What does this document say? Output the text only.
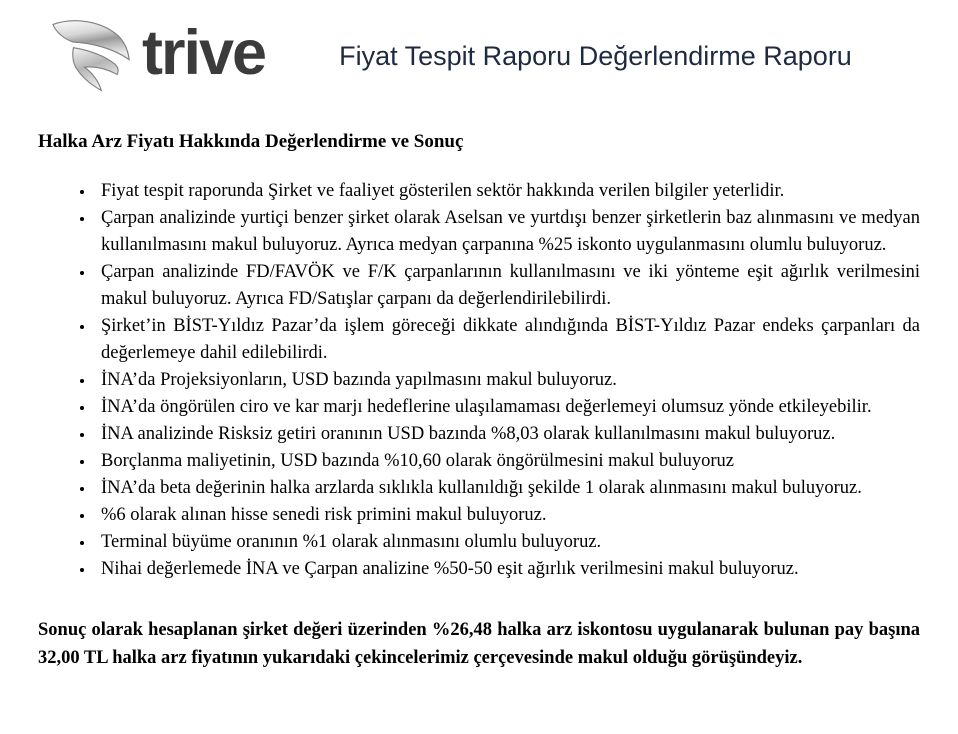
trive	Fiyat Tespit Raporu Değerlendirme Raporu
Halka Arz Fiyatı Hakkında Değerlendirme ve Sonuç
• Fiyat tespit raporunda Şirket ve faaliyet gösterilen sektör hakkında verilen bilgiler yeterlidir.
• Çarpan analizinde yurtiçi benzer şirket olarak Aselsan ve yurtdışı benzer şirketlerin baz alınmasını ve medyan kullanılmasını makul buluyoruz. Ayrıca medyan çarpanına %25 iskonto uygulanmasını olumlu buluyoruz.
• Çarpan analizinde FD/FAVÖK ve F/K çarpanlarının kullanılmasını ve iki yönteme eşit ağırlık verilmesini makul buluyoruz. Ayrıca FD/Satışlar çarpanı da değerlendirilebilirdi.
• Şirket’in BİST-Yıldız Pazar’da işlem göreceği dikkate alındığında BİST-Yıldız Pazar endeks çarpanları da değerlemeye dahil edilebilirdi.
• İNA’da Projeksiyonların, USD bazında yapılmasını makul buluyoruz.
• İNA’da öngörülen ciro ve kar marjı hedeflerine ulaşılamaması değerlemeyi olumsuz yönde etkileyebilir.
• İNA analizinde Risksiz getiri oranının USD bazında %8,03 olarak kullanılmasını makul buluyoruz.
• Borçlanma maliyetinin, USD bazında %10,60 olarak öngörülmesini makul buluyoruz
• İNA’da beta değerinin halka arzlarda sıklıkla kullanıldığı şekilde 1 olarak alınmasını makul buluyoruz.
• %6 olarak alınan hisse senedi risk primini makul buluyoruz.
• Terminal büyüme oranının %1 olarak alınmasını olumlu buluyoruz.
• Nihai değerlemede İNA ve Çarpan analizine %50-50 eşit ağırlık verilmesini makul buluyoruz.

Sonuç olarak hesaplanan şirket değeri üzerinden %26,48 halka arz iskontosu uygulanarak bulunan pay başına 32,00 TL halka arz fiyatının yukarıdaki çekincelerimiz çerçevesinde makul olduğu görüşündeyiz.
